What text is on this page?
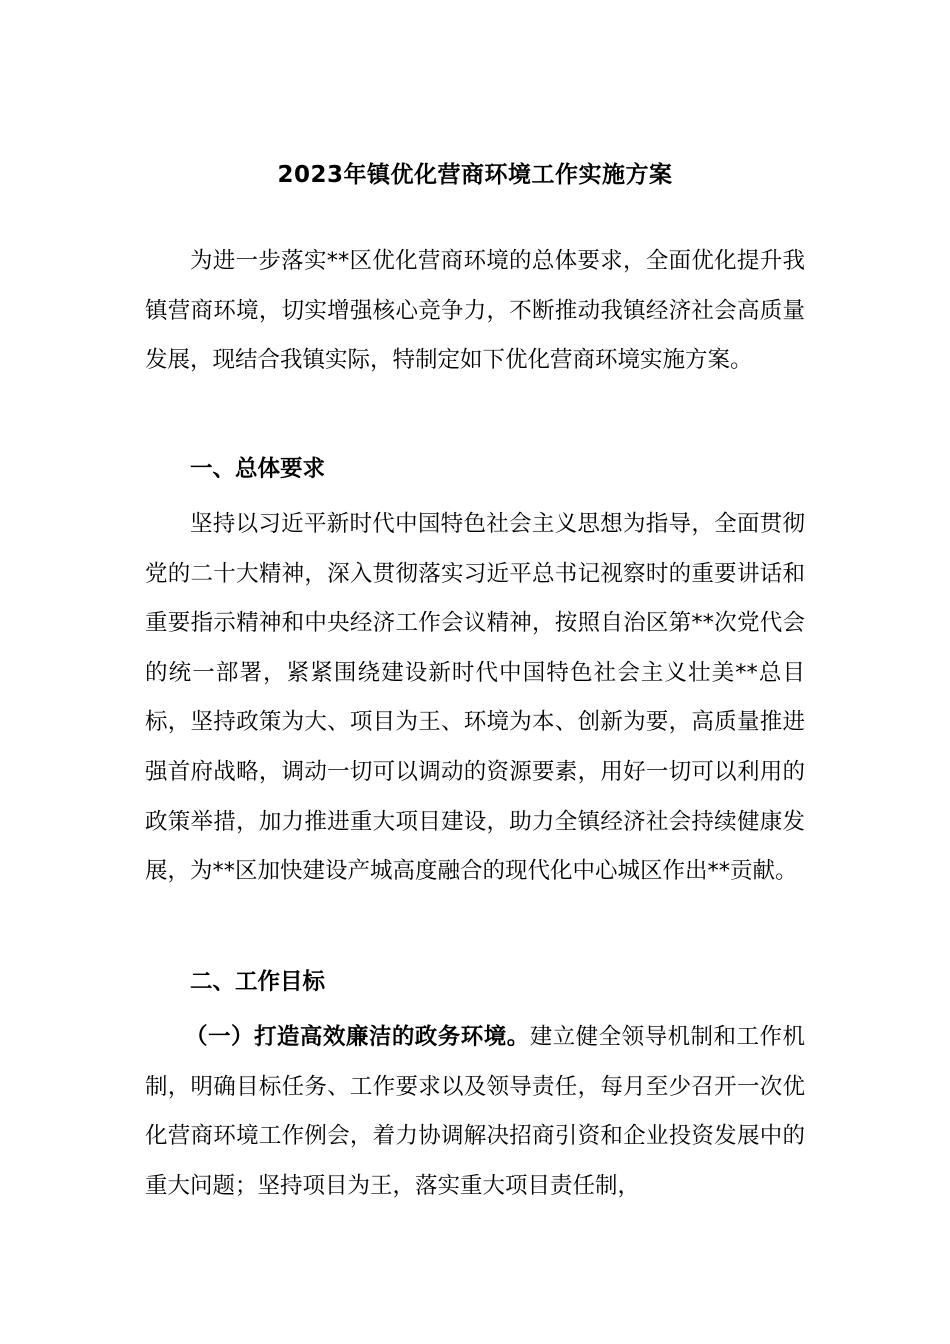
2023年镇优化营商环境工作实施方案

为进一步落实**区优化营商环境的总体要求，全面优化提升我镇营商环境，切实增强核心竞争力，不断推动我镇经济社会高质量发展，现结合我镇实际，特制定如下优化营商环境实施方案。

一、总体要求

坚持以习近平新时代中国特色社会主义思想为指导，全面贯彻党的二十大精神，深入贯彻落实习近平总书记视察时的重要讲话和重要指示精神和中央经济工作会议精神，按照自治区第**次党代会的统一部署，紧紧围绕建设新时代中国特色社会主义壮美**总目标，坚持政策为大、项目为王、环境为本、创新为要，高质量推进强首府战略，调动一切可以调动的资源要素，用好一切可以利用的政策举措，加力推进重大项目建设，助力全镇经济社会持续健康发展，为**区加快建设产城高度融合的现代化中心城区作出**贡献。

二、工作目标

（一）打造高效廉洁的政务环境。建立健全领导机制和工作机制，明确目标任务、工作要求以及领导责任，每月至少召开一次优化营商环境工作例会，着力协调解决招商引资和企业投资发展中的重大问题；坚持项目为王，落实重大项目责任制，
